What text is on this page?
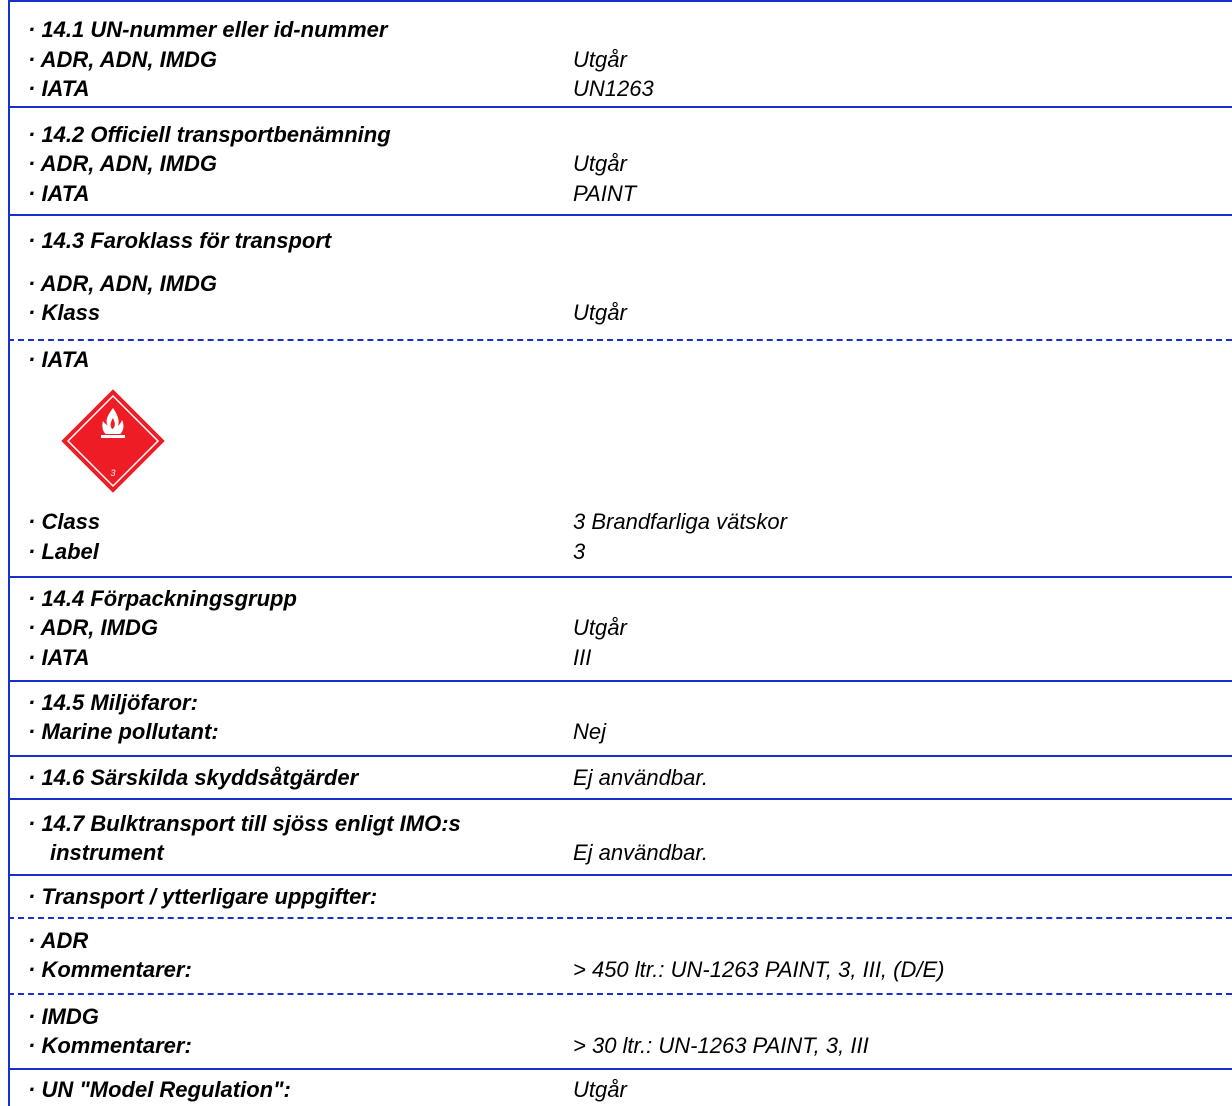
· 14.1 UN-nummer eller id-nummer
· ADR, ADN, IMDG	Utgår
· IATA	UN1263
· 14.2 Officiell transportbenämning
· ADR, ADN, IMDG	Utgår
· IATA	PAINT
· 14.3 Faroklass för transport
· ADR, ADN, IMDG
· Klass	Utgår
· IATA
3
· Class	3 Brandfarliga vätskor
· Label	3
· 14.4 Förpackningsgrupp
· ADR, IMDG	Utgår
· IATA	III
· 14.5 Miljöfaror:
· Marine pollutant:	Nej
· 14.6 Särskilda skyddsåtgärder	Ej användbar.
· 14.7 Bulktransport till sjöss enligt IMO:s
instrument	Ej användbar.
· Transport / ytterligare uppgifter:
· ADR
· Kommentarer:	> 450 ltr.: UN-1263 PAINT, 3, III, (D/E)
· IMDG
· Kommentarer:	> 30 ltr.: UN-1263 PAINT, 3, III
· UN "Model Regulation":	Utgår
